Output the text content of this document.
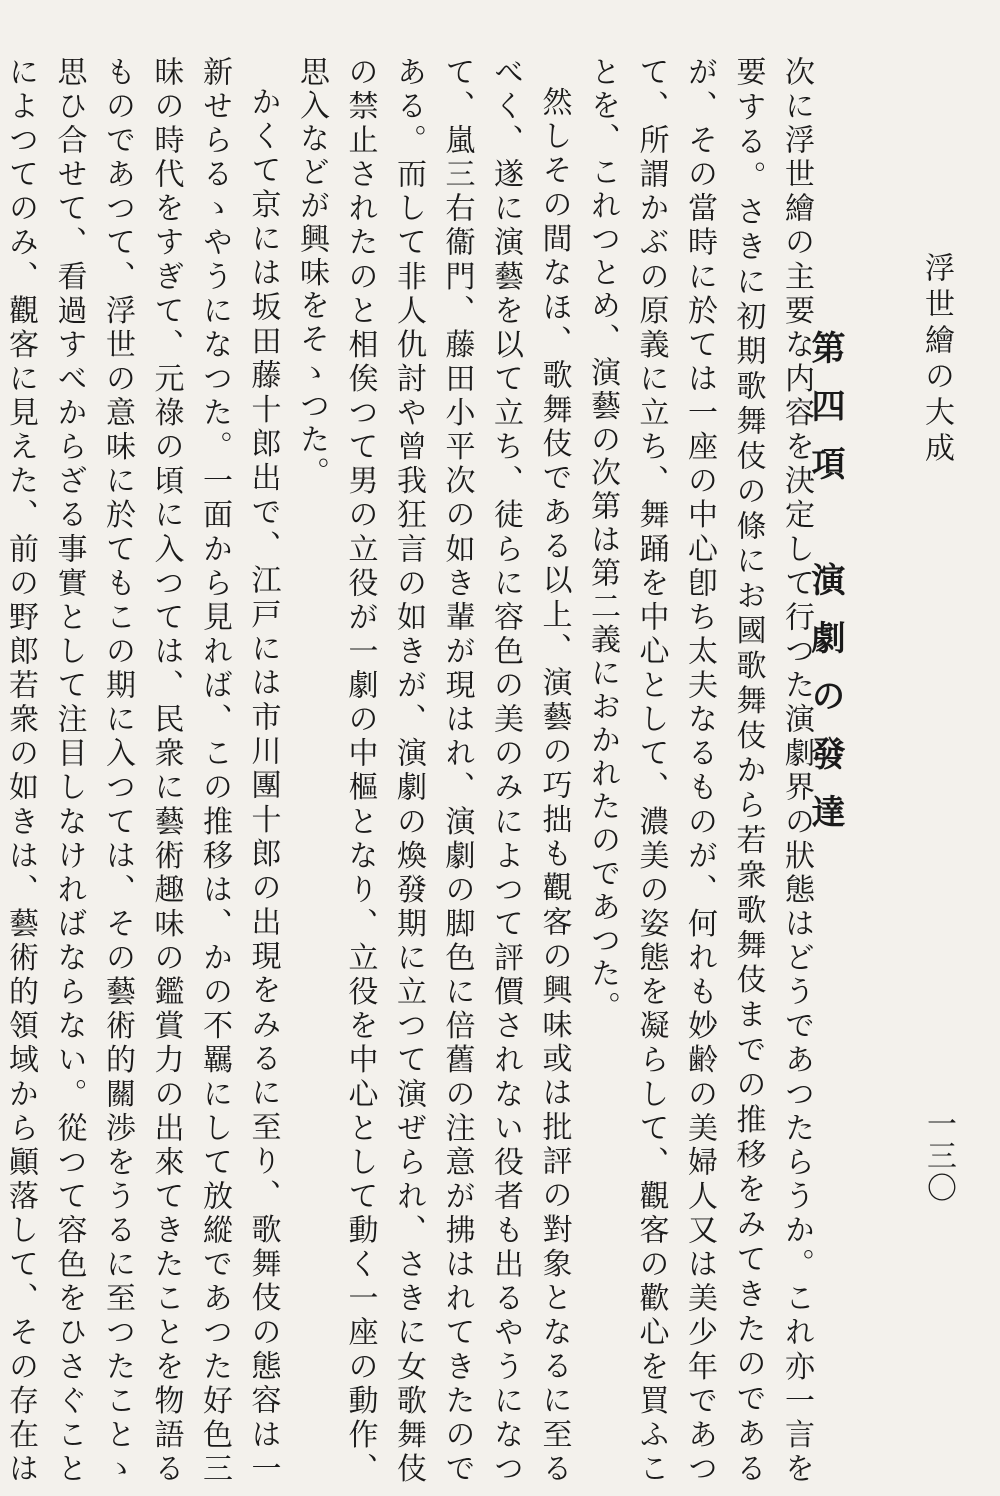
浮世繪の大成
一三〇
第四項　演劇の發達

次に浮世繪の主要な内容を決定して行つた演劇界の狀態はどうであつたらうか。これ亦一言を要する。さきに初期歌舞伎の條にお國歌舞伎から若衆歌舞伎までの推移をみてきたのであるが、その當時に於ては一座の中心卽ち太夫なるものが、何れも妙齢の美婦人又は美少年であつて、所謂かぶの原義に立ち、舞踊を中心として、濃美の姿態を凝らして、觀客の歡心を買ふことを、これつとめ、演藝の次第は第二義におかれたのであつた。

然しその間なほ、歌舞伎である以上、演藝の巧拙も觀客の興味或は批評の對象となるに至るべく、遂に演藝を以て立ち、徒らに容色の美のみによつて評價されない役者も出るやうになつて、嵐三右衞門、藤田小平次の如き輩が現はれ、演劇の脚色に倍舊の注意が拂はれてきたのである。而して非人仇討や曾我狂言の如きが、演劇の煥發期に立つて演ぜられ、さきに女歌舞伎の禁止されたのと相俟つて男の立役が一劇の中樞となり、立役を中心として動く一座の動作、思入などが興味をそゝつた。

かくて京には坂田藤十郎出で、江戸には市川團十郎の出現をみるに至り、歌舞伎の態容は一新せらるゝやうになつた。一面から見れば、この推移は、かの不羈にして放縱であつた好色三昧の時代をすぎて、元祿の頃に入つては、民衆に藝術趣味の鑑賞力の出來てきたことを物語るものであつて、浮世の意味に於てもこの期に入つては、その藝術的關渉をうるに至つたことゝ思ひ合せて、看過すべからざる事實として注目しなければならない。從つて容色をひさぐことによつてのみ、觀客に見えた、前の野郎若衆の如きは、藝術的領域から顚落して、その存在は
